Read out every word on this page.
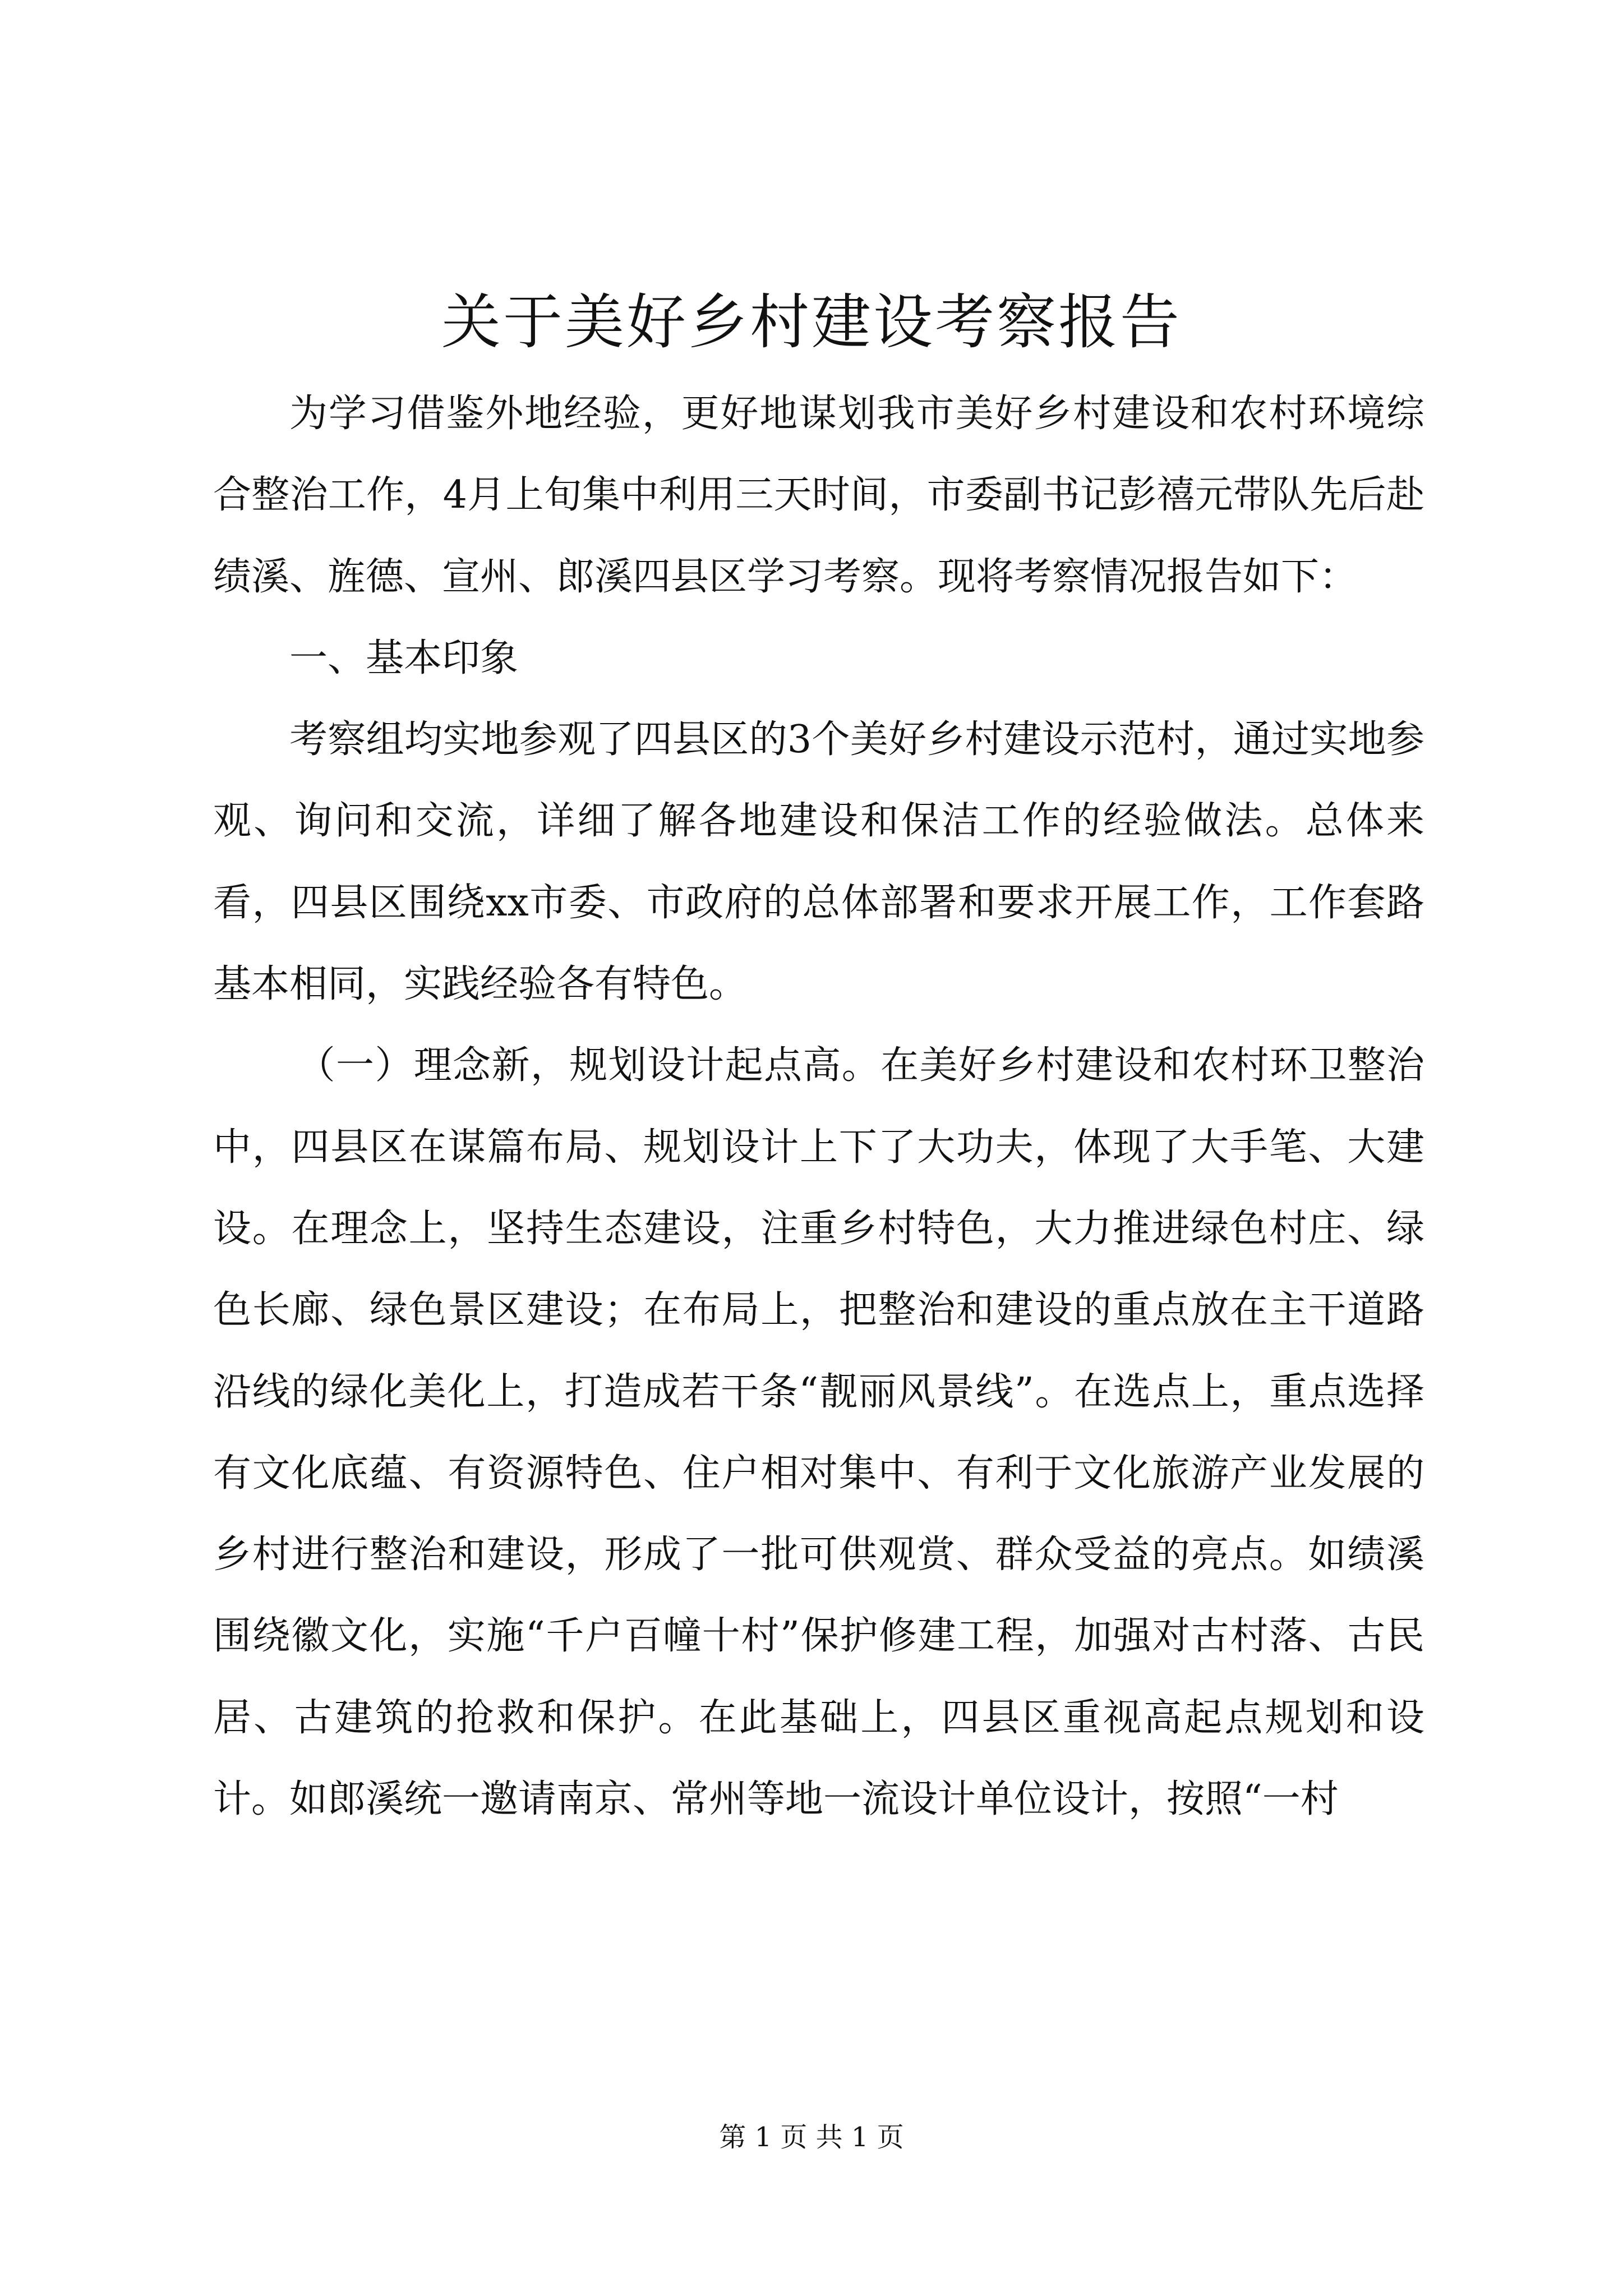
关于美好乡村建设考察报告

为学习借鉴外地经验，更好地谋划我市美好乡村建设和农村环境综合整治工作，4月上旬集中利用三天时间，市委副书记彭禧元带队先后赴绩溪、旌德、宣州、郎溪四县区学习考察。现将考察情况报告如下：

一、基本印象

考察组均实地参观了四县区的3个美好乡村建设示范村，通过实地参观、询问和交流，详细了解各地建设和保洁工作的经验做法。总体来看，四县区围绕xx市委、市政府的总体部署和要求开展工作，工作套路基本相同，实践经验各有特色。

（一）理念新，规划设计起点高。在美好乡村建设和农村环卫整治中，四县区在谋篇布局、规划设计上下了大功夫，体现了大手笔、大建设。在理念上，坚持生态建设，注重乡村特色，大力推进绿色村庄、绿色长廊、绿色景区建设；在布局上，把整治和建设的重点放在主干道路沿线的绿化美化上，打造成若干条“靓丽风景线”。在选点上，重点选择有文化底蕴、有资源特色、住户相对集中、有利于文化旅游产业发展的乡村进行整治和建设，形成了一批可供观赏、群众受益的亮点。如绩溪围绕徽文化，实施“千户百幢十村”保护修建工程，加强对古村落、古民居、古建筑的抢救和保护。在此基础上，四县区重视高起点规划和设计。如郎溪统一邀请南京、常州等地一流设计单位设计，按照“一村

第 1 页 共 1 页
